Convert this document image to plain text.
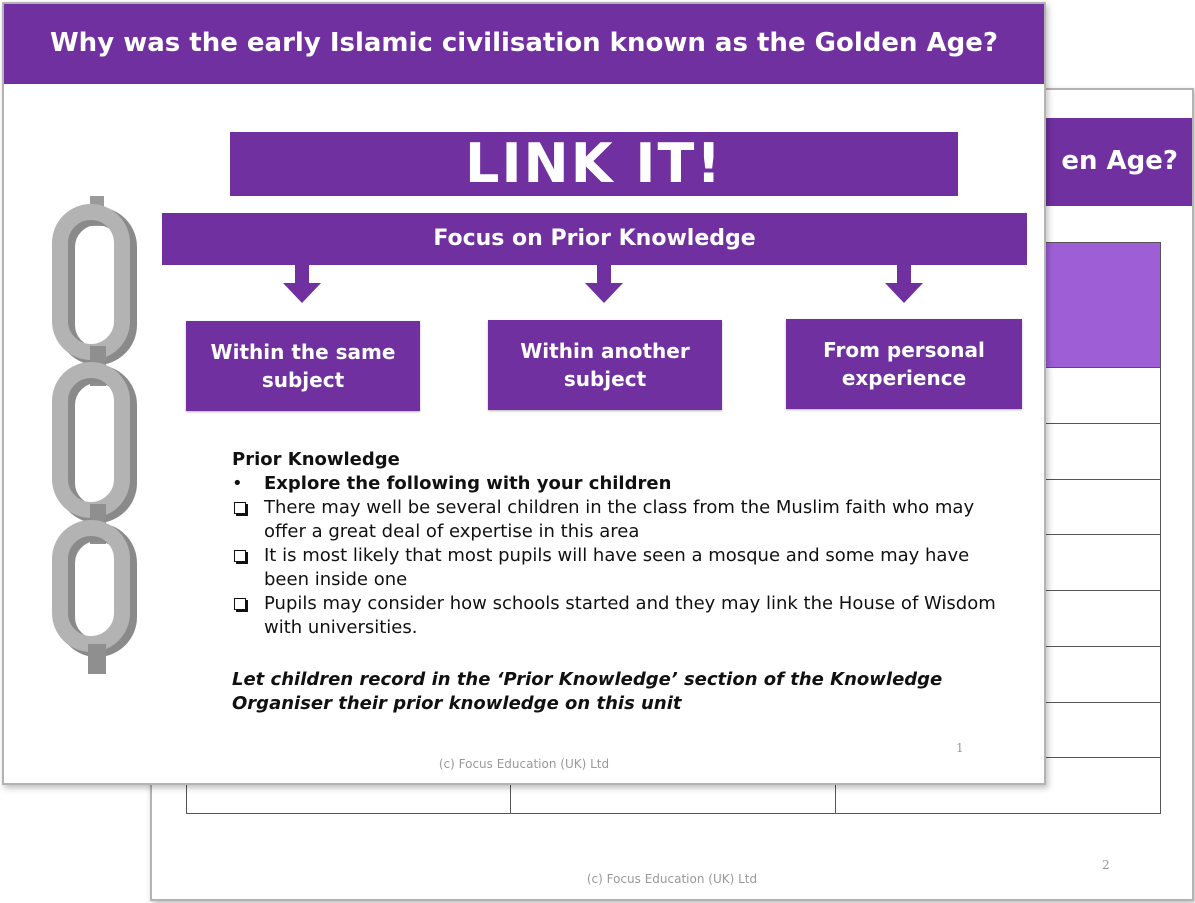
en Age?

2
(c) Focus Education (UK) Ltd
Why was the early Islamic civilisation known as the Golden Age?
LINK IT!
Focus on Prior Knowledge
Within the same subject
Within another subject
From personal experience
Prior Knowledge
•	Explore the following with your children
There may well be several children in the class from the Muslim faith who may offer a great deal of expertise in this area
It is most likely that most pupils will have seen a mosque and some may have been inside one
Pupils may consider how schools started and they may link the House of Wisdom with universities.
Let children record in the ‘Prior Knowledge’ section of the Knowledge Organiser their prior knowledge on this unit
1
(c) Focus Education (UK) Ltd
